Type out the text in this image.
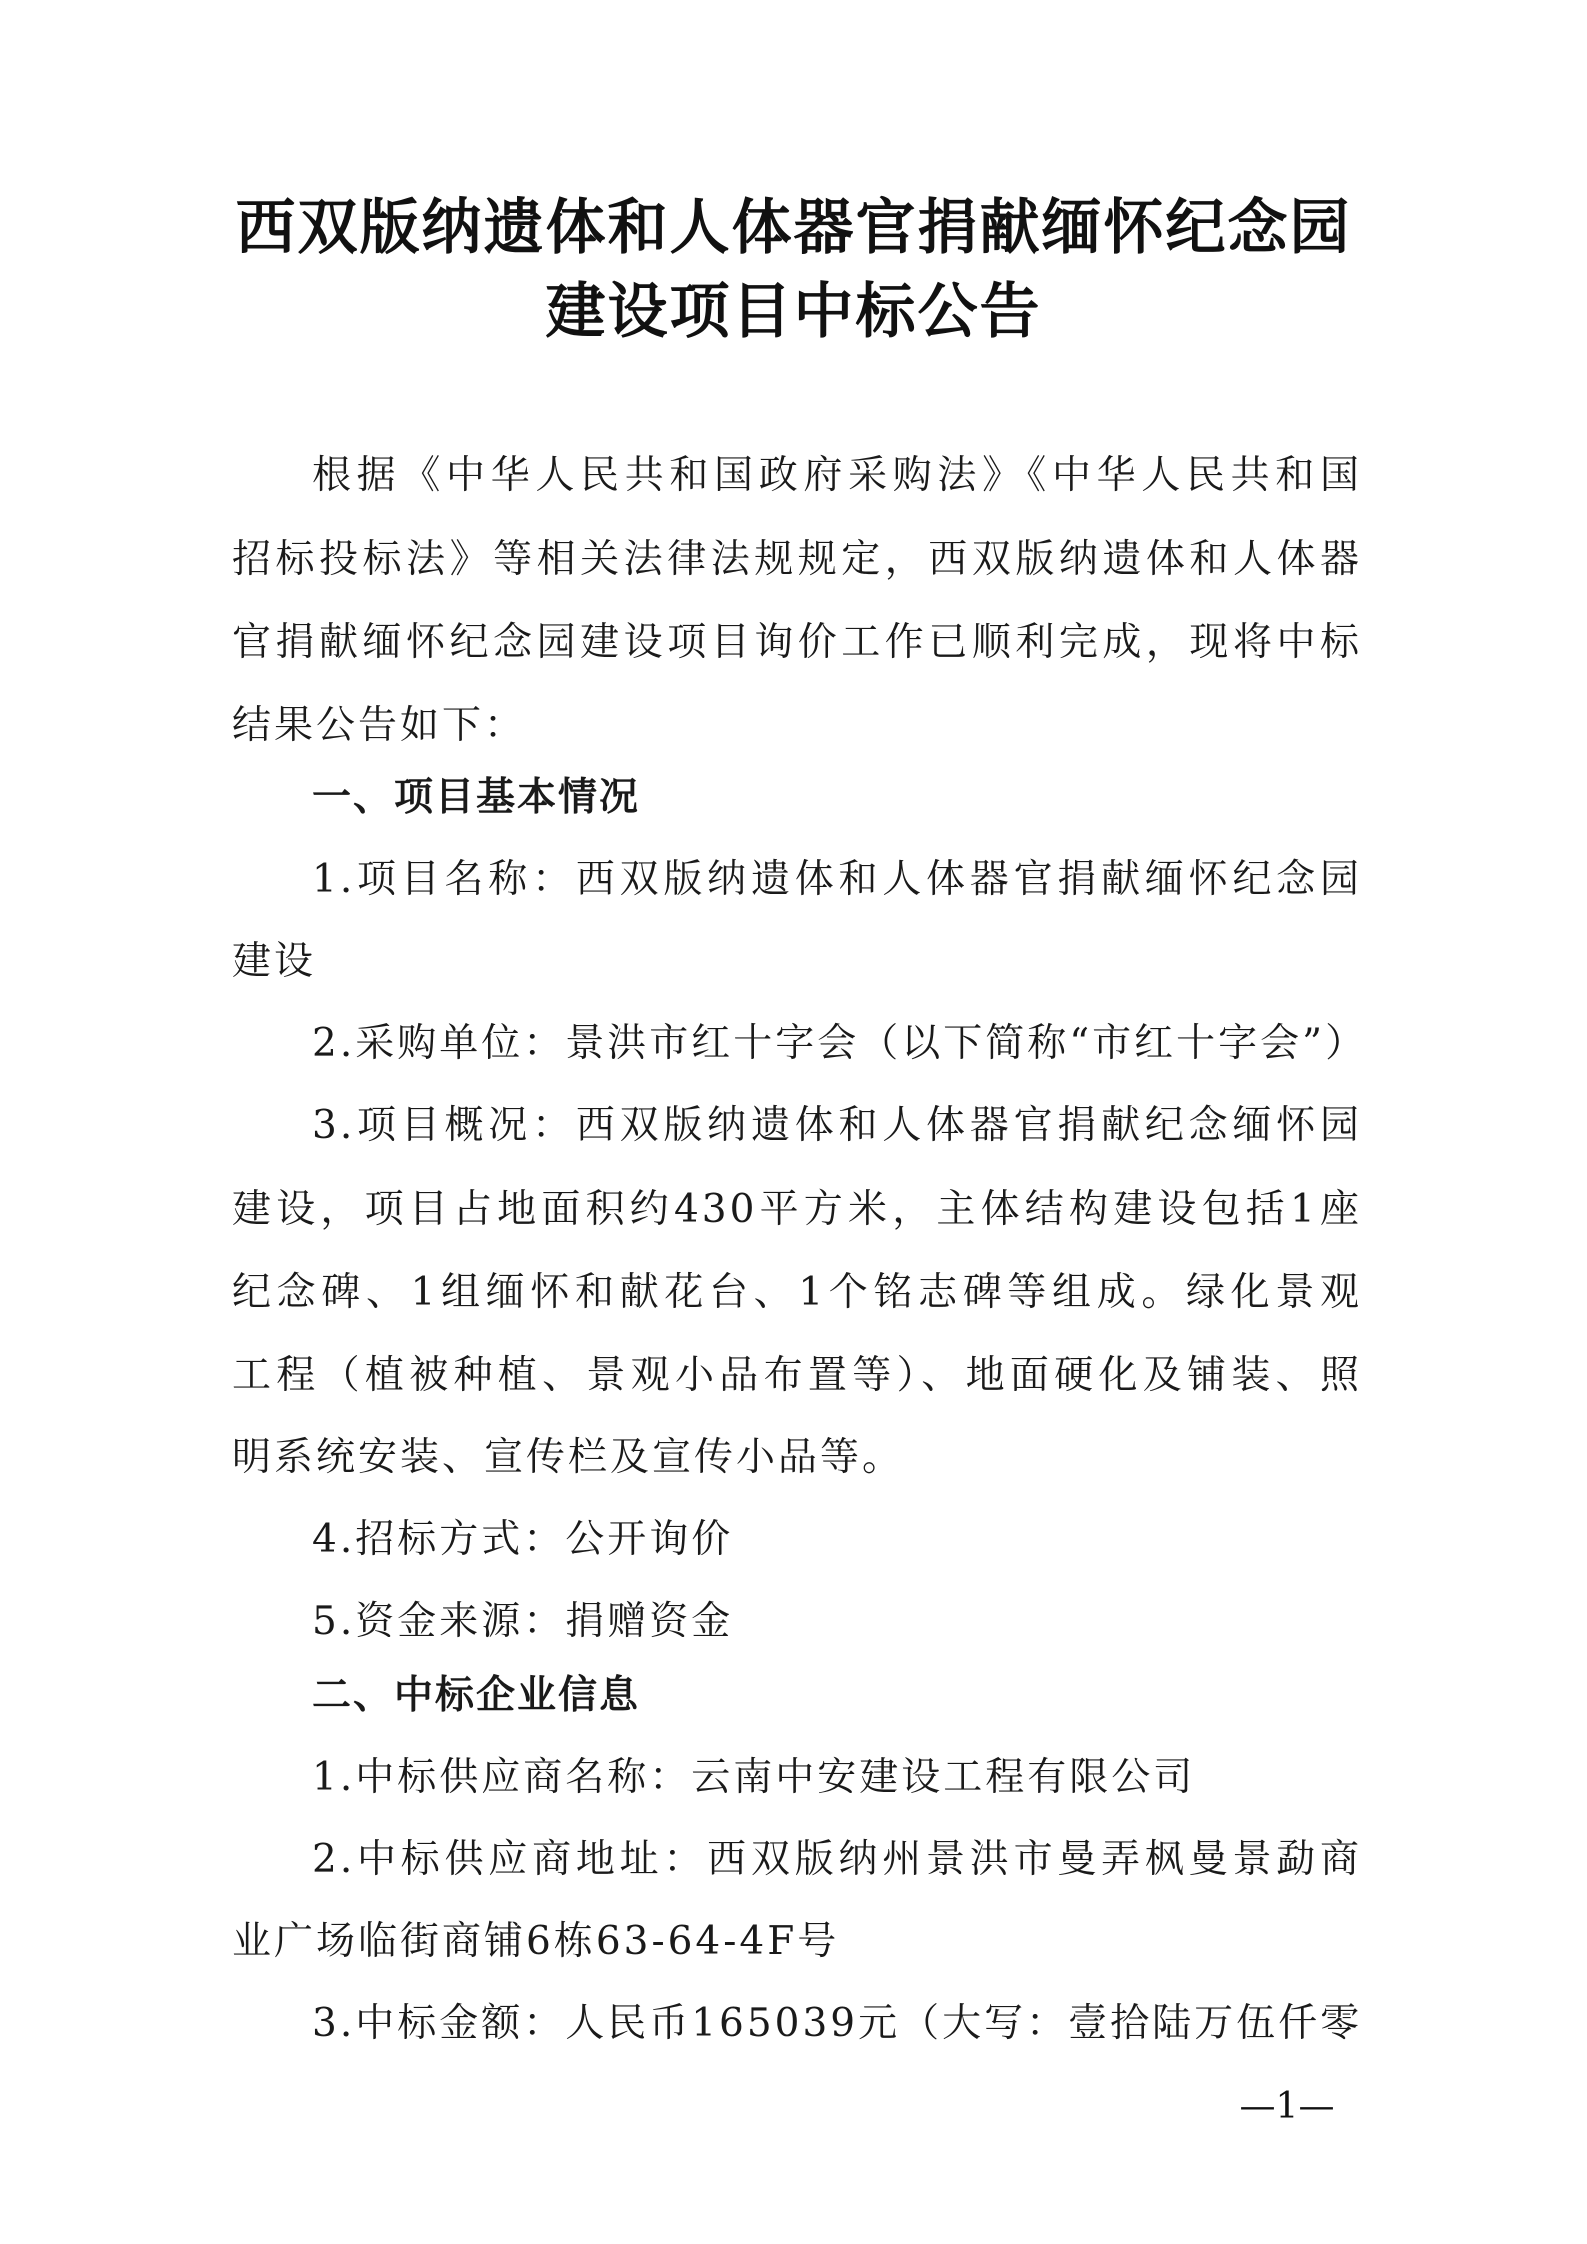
西双版纳遗体和人体器官捐献缅怀纪念园
建设项目中标公告
根据《中华人民共和国政府采购法》《中华人民共和国
招标投标法》等相关法律法规规定，西双版纳遗体和人体器
官捐献缅怀纪念园建设项目询价工作已顺利完成，现将中标
结果公告如下：
一、项目基本情况
1.项目名称：西双版纳遗体和人体器官捐献缅怀纪念园
建设
2.采购单位：景洪市红十字会（以下简称“市红十字会”）
3.项目概况：西双版纳遗体和人体器官捐献纪念缅怀园
建设，项目占地面积约430平方米，主体结构建设包括1座
纪念碑、1组缅怀和献花台、1个铭志碑等组成。绿化景观
工程（植被种植、景观小品布置等）、地面硬化及铺装、照
明系统安装、宣传栏及宣传小品等。
4.招标方式：公开询价
5.资金来源：捐赠资金
二、中标企业信息
1.中标供应商名称：云南中安建设工程有限公司
2.中标供应商地址：西双版纳州景洪市曼弄枫曼景勐商
业广场临街商铺6栋63-64-4F号
3.中标金额：人民币165039元（大写：壹拾陆万伍仟零
—1—
